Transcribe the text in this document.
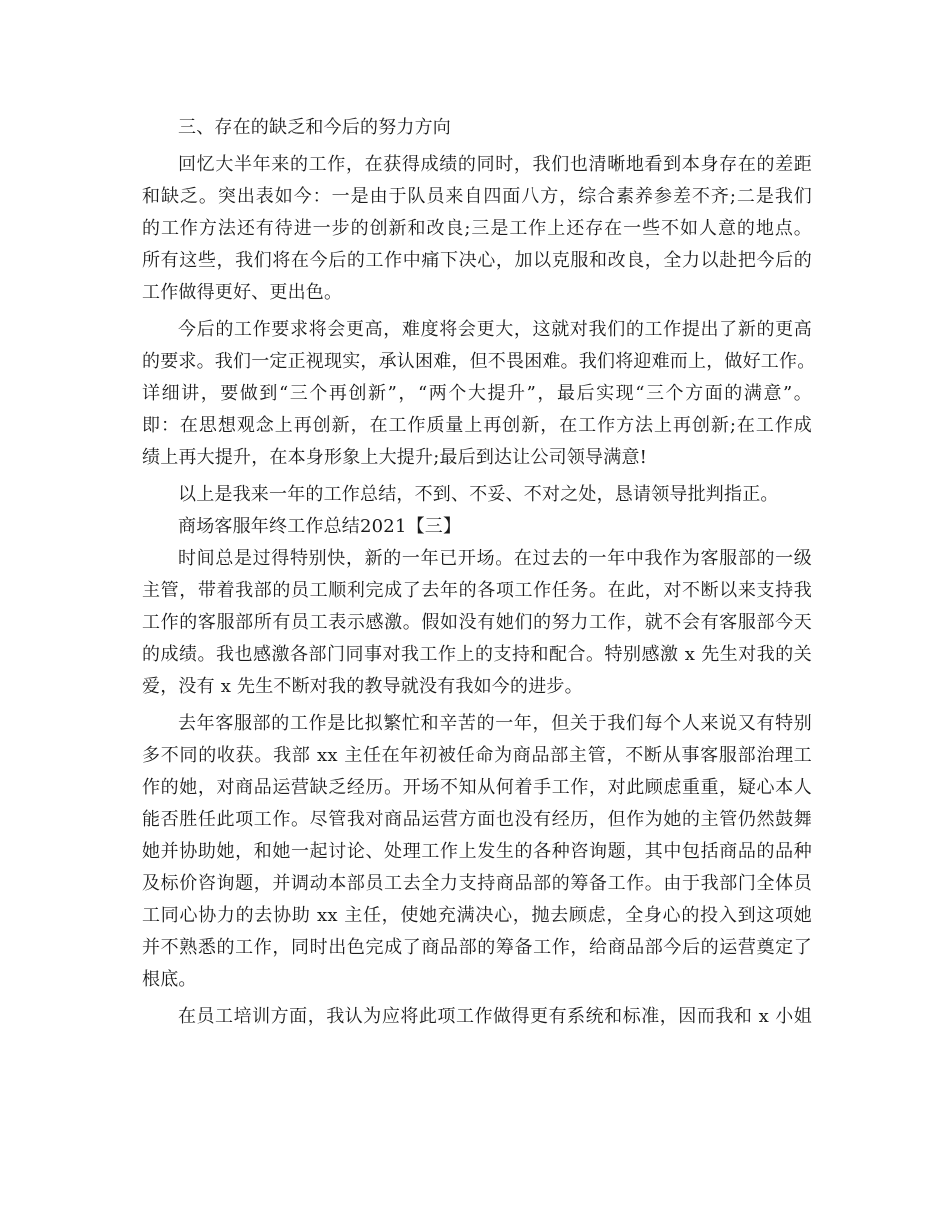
三、存在的缺乏和今后的努力方向
回忆大半年来的工作，在获得成绩的同时，我们也清晰地看到本身存在的差距
和缺乏。突出表如今：一是由于队员来自四面八方，综合素养参差不齐;二是我们
的工作方法还有待进一步的创新和改良;三是工作上还存在一些不如人意的地点。
所有这些，我们将在今后的工作中痛下决心，加以克服和改良，全力以赴把今后的
工作做得更好、更出色。
今后的工作要求将会更高，难度将会更大，这就对我们的工作提出了新的更高
的要求。我们一定正视现实，承认困难，但不畏困难。我们将迎难而上，做好工作。
详细讲，要做到“三个再创新”，“两个大提升”，最后实现“三个方面的满意”。
即：在思想观念上再创新，在工作质量上再创新，在工作方法上再创新;在工作成
绩上再大提升，在本身形象上大提升;最后到达让公司领导满意!
以上是我来一年的工作总结，不到、不妥、不对之处，恳请领导批判指正。
商场客服年终工作总结2021【三】
时间总是过得特别快，新的一年已开场。在过去的一年中我作为客服部的一级
主管，带着我部的员工顺利完成了去年的各项工作任务。在此，对不断以来支持我
工作的客服部所有员工表示感激。假如没有她们的努力工作，就不会有客服部今天
的成绩。我也感激各部门同事对我工作上的支持和配合。特别感激 x 先生对我的关
爱，没有 x 先生不断对我的教导就没有我如今的进步。
去年客服部的工作是比拟繁忙和辛苦的一年，但关于我们每个人来说又有特别
多不同的收获。我部 xx 主任在年初被任命为商品部主管，不断从事客服部治理工
作的她，对商品运营缺乏经历。开场不知从何着手工作，对此顾虑重重，疑心本人
能否胜任此项工作。尽管我对商品运营方面也没有经历，但作为她的主管仍然鼓舞
她并协助她，和她一起讨论、处理工作上发生的各种咨询题，其中包括商品的品种
及标价咨询题，并调动本部员工去全力支持商品部的筹备工作。由于我部门全体员
工同心协力的去协助 xx 主任，使她充满决心，抛去顾虑，全身心的投入到这项她
并不熟悉的工作，同时出色完成了商品部的筹备工作，给商品部今后的运营奠定了
根底。
在员工培训方面，我认为应将此项工作做得更有系统和标准，因而我和 x 小姐
